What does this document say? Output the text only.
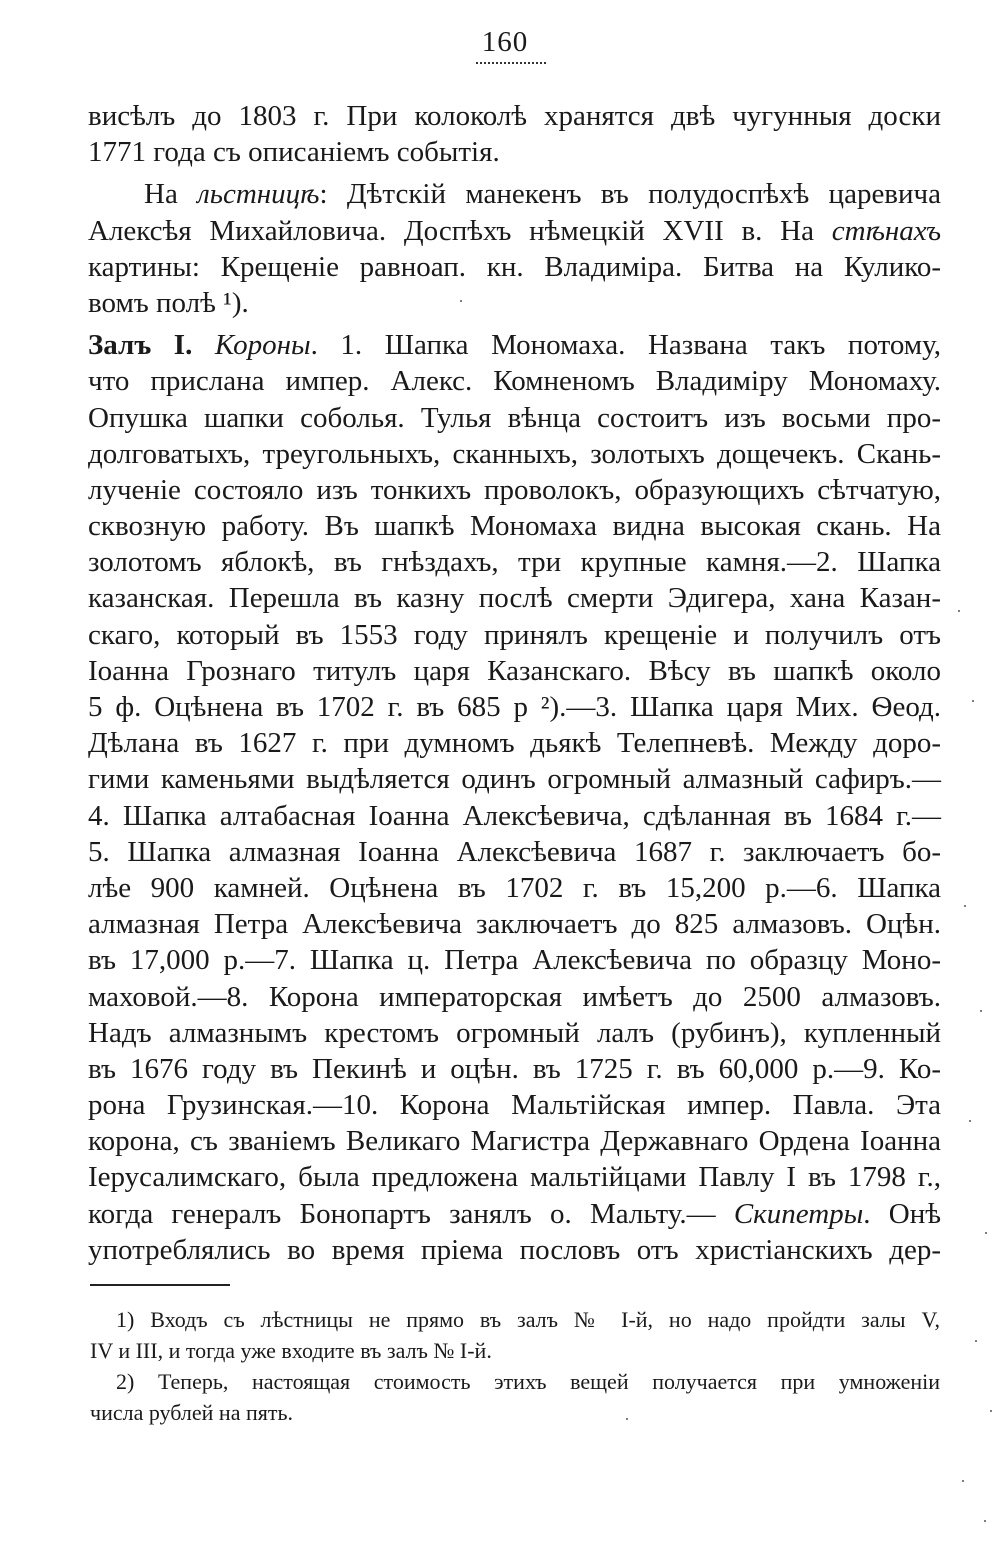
160
висѣлъ до 1803 г. При колоколѣ хранятся двѣ чугунныя доски
1771 года съ описаніемъ событія.
На льстницѣ: Дѣтскій манекенъ въ полудоспѣхѣ царевича
Алексѣя Михайловича. Доспѣхъ нѣмецкій XVII в. На стѣнахъ
картины: Крещеніе равноап. кн. Владиміра. Битва на Кулико-
вомъ полѣ ¹).
Залъ I. Короны. 1. Шапка Мономаха. Названа такъ потому,
что прислана импер. Алекс. Комненомъ Владиміру Мономаху.
Опушка шапки соболья. Тулья вѣнца состоитъ изъ восьми про-
долговатыхъ, треугольныхъ, сканныхъ, золотыхъ дощечекъ. Скань-
лученіе состояло изъ тонкихъ проволокъ, образующихъ сѣтчатую,
сквозную работу. Въ шапкѣ Мономаха видна высокая скань. На
золотомъ яблокѣ, въ гнѣздахъ, три крупные камня.—2. Шапка
казанская. Перешла въ казну послѣ смерти Эдигера, хана Казан-
скаго, который въ 1553 году принялъ крещеніе и получилъ отъ
Іоанна Грознаго титулъ царя Казанскаго. Вѣсу въ шапкѣ около
5 ф. Оцѣнена въ 1702 г. въ 685 р ²).—3. Шапка царя Мих. Ѳеод.
Дѣлана въ 1627 г. при думномъ дьякѣ Телепневѣ. Между доро-
гими каменьями выдѣляется одинъ огромный алмазный сафиръ.—
4. Шапка алтабасная Іоанна Алексѣевича, сдѣланная въ 1684 г.—
5. Шапка алмазная Іоанна Алексѣевича 1687 г. заключаетъ бо-
лѣе 900 камней. Оцѣнена въ 1702 г. въ 15,200 р.—6. Шапка
алмазная Петра Алексѣевича заключаетъ до 825 алмазовъ. Оцѣн.
въ 17,000 р.—7. Шапка ц. Петра Алексѣевича по образцу Моно-
маховой.—8. Корона императорская имѣетъ до 2500 алмазовъ.
Надъ алмазнымъ крестомъ огромный лалъ (рубинъ), купленный
въ 1676 году въ Пекинѣ и оцѣн. въ 1725 г. въ 60,000 р.—9. Ко-
рона Грузинская.—10. Корона Мальтійская импер. Павла. Эта
корона, съ званіемъ Великаго Магистра Державнаго Ордена Іоанна
Іерусалимскаго, была предложена мальтійцами Павлу I въ 1798 г.,
когда генералъ Бонопартъ занялъ о. Мальту.— Скипетры. Онѣ
употреблялись во время пріема пословъ отъ христіанскихъ дер-
1) Входъ съ лѣстницы не прямо въ залъ № I-й, но надо пройдти залы V,
IV и III, и тогда уже входите въ залъ № I-й.
2) Теперь, настоящая стоимость этихъ вещей получается при умноженіи
числа рублей на пять.
